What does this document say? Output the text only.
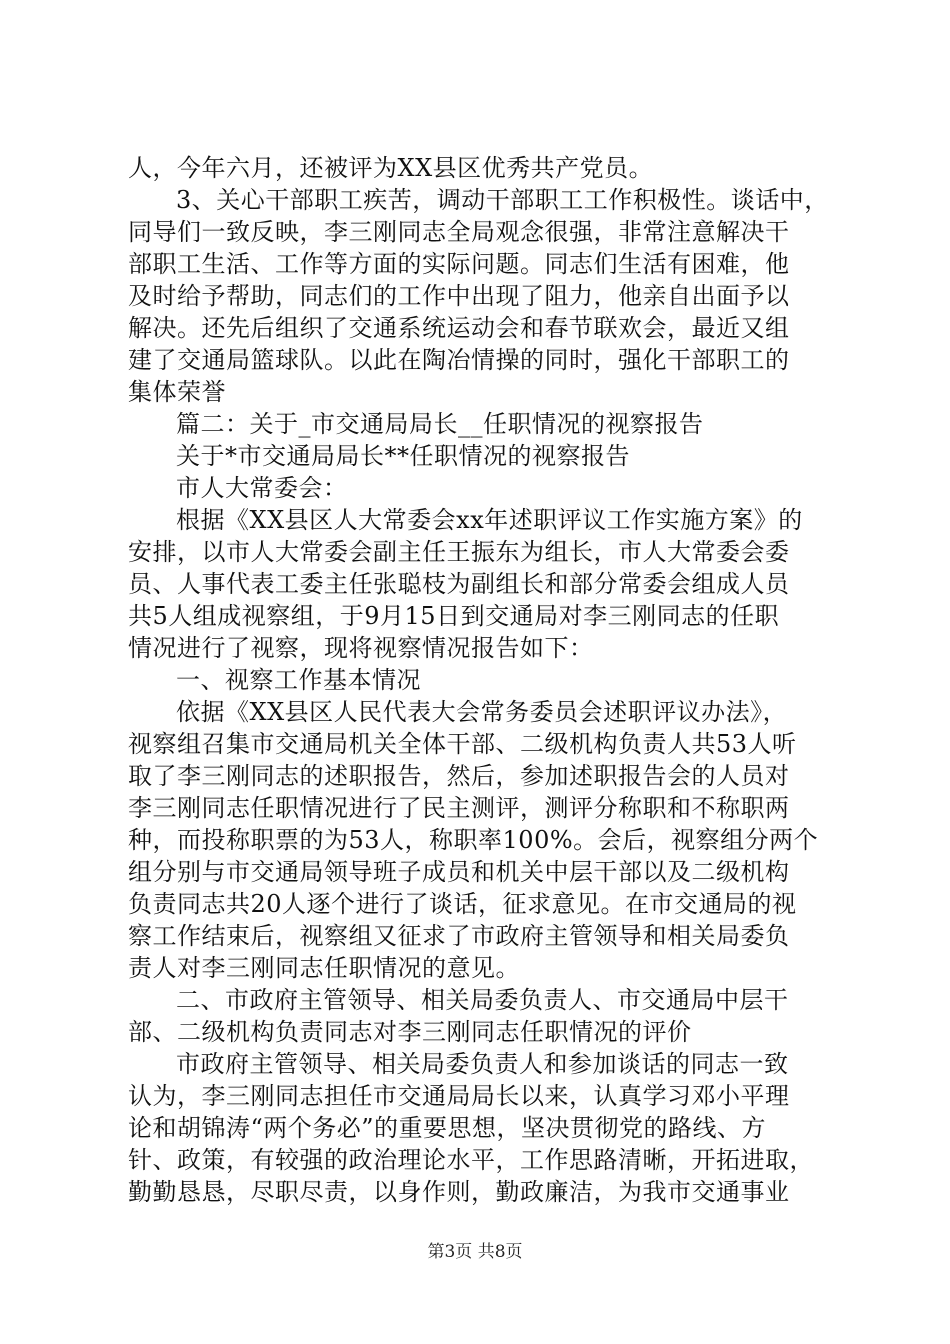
人，今年六月，还被评为XX县区优秀共产党员。
3、关心干部职工疾苦，调动干部职工工作积极性。谈话中，
同导们一致反映，李三刚同志全局观念很强，非常注意解决干
部职工生活、工作等方面的实际问题。同志们生活有困难，他
及时给予帮助，同志们的工作中出现了阻力，他亲自出面予以
解决。还先后组织了交通系统运动会和春节联欢会，最近又组
建了交通局篮球队。以此在陶冶情操的同时，强化干部职工的
集体荣誉
篇二：关于_市交通局局长__任职情况的视察报告
关于*市交通局局长**任职情况的视察报告
市人大常委会：
根据《XX县区人大常委会xx年述职评议工作实施方案》的
安排，以市人大常委会副主任王振东为组长，市人大常委会委
员、人事代表工委主任张聪枝为副组长和部分常委会组成人员
共5人组成视察组，于9月15日到交通局对李三刚同志的任职
情况进行了视察，现将视察情况报告如下：
一、视察工作基本情况
依据《XX县区人民代表大会常务委员会述职评议办法》，
视察组召集市交通局机关全体干部、二级机构负责人共53人听
取了李三刚同志的述职报告，然后，参加述职报告会的人员对
李三刚同志任职情况进行了民主测评，测评分称职和不称职两
种，而投称职票的为53人，称职率100%。会后，视察组分两个
组分别与市交通局领导班子成员和机关中层干部以及二级机构
负责同志共20人逐个进行了谈话，征求意见。在市交通局的视
察工作结束后，视察组又征求了市政府主管领导和相关局委负
责人对李三刚同志任职情况的意见。
二、市政府主管领导、相关局委负责人、市交通局中层干
部、二级机构负责同志对李三刚同志任职情况的评价
市政府主管领导、相关局委负责人和参加谈话的同志一致
认为，李三刚同志担任市交通局局长以来，认真学习邓小平理
论和胡锦涛“两个务必”的重要思想，坚决贯彻党的路线、方
针、政策，有较强的政治理论水平，工作思路清晰，开拓进取，
勤勤恳恳，尽职尽责，以身作则，勤政廉洁，为我市交通事业
第3页 共8页
